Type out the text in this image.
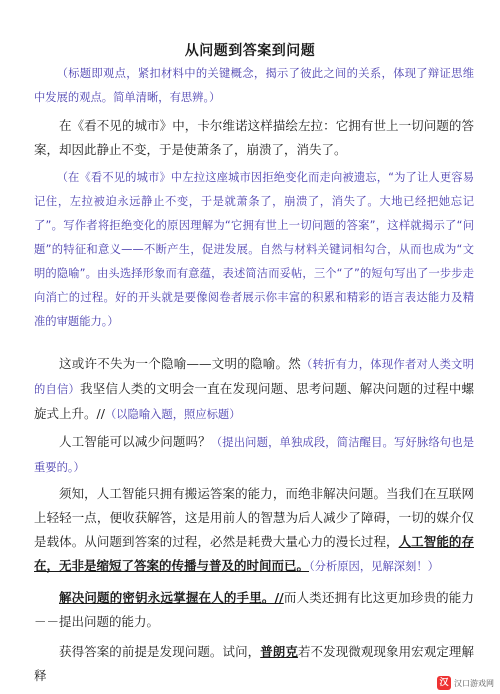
从问题到答案到问题

（标题即观点，紧扣材料中的关键概念，揭示了彼此之间的关系，体现了辩证思维中发展的观点。简单清晰，有思辨。）

在《看不见的城市》中，卡尔维诺这样描绘左拉：它拥有世上一切问题的答案，却因此静止不变，于是使萧条了，崩溃了，消失了。

（在《看不见的城市》中左拉这座城市因拒绝变化而走向被遗忘，“为了让人更容易记住，左拉被迫永远静止不变，于是就萧条了，崩溃了，消失了。大地已经把她忘记了”。写作者将拒绝变化的原因理解为“它拥有世上一切问题的答案”，这样就揭示了“问题”的特征和意义——不断产生，促进发展。自然与材料关键词相勾合，从而也成为“文明的隐喻”。由头选择形象而有意蕴，表述简洁而妥帖，三个“了”的短句写出了一步步走向消亡的过程。好的开头就是要像阅卷者展示你丰富的积累和精彩的语言表达能力及精准的审题能力。）

这或许不失为一个隐喻——文明的隐喻。然（转折有力，体现作者对人类文明的自信）我坚信人类的文明会一直在发现问题、思考问题、解决问题的过程中螺旋式上升。//（以隐喻入题，照应标题）

人工智能可以减少问题吗？（提出问题，单独成段，简洁醒目。写好脉络句也是重要的。）

须知，人工智能只拥有搬运答案的能力，而绝非解决问题。当我们在互联网上轻轻一点，便收获解答，这是用前人的智慧为后人减少了障碍，一切的媒介仅是载体。从问题到答案的过程，必然是耗费大量心力的漫长过程，人工智能的存在，无非是缩短了答案的传播与普及的时间而已。（分析原因，见解深刻！）

解决问题的密钥永远掌握在人的手里。//而人类还拥有比这更加珍贵的能力－－提出问题的能力。

获得答案的前提是发现问题。试问，普朗克若不发现微观现象用宏观定理解释	汉 汉口游戏网
